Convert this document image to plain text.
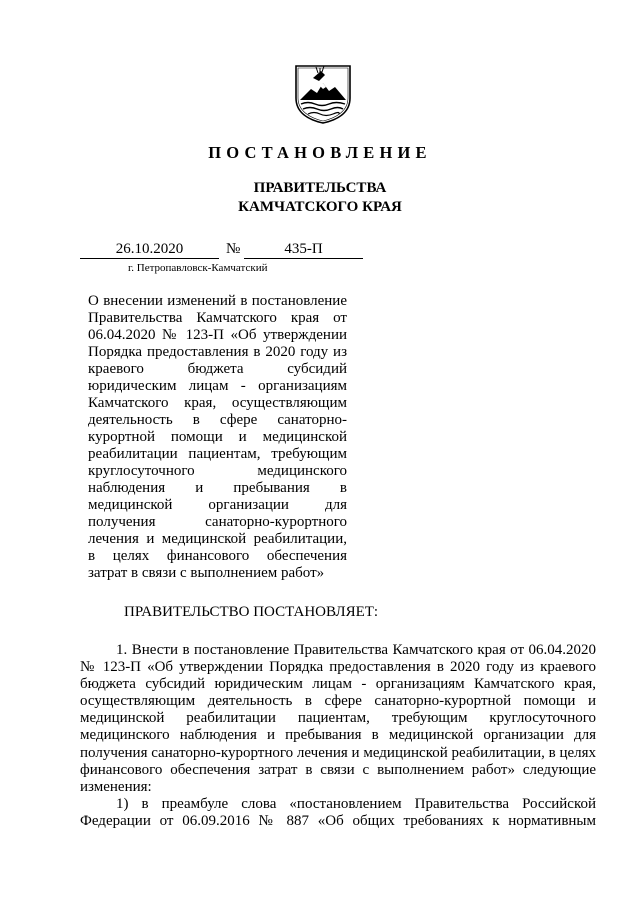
ПОСТАНОВЛЕНИЕ
ПРАВИТЕЛЬСТВА
КАМЧАТСКОГО КРАЯ
26.10.2020	№	435-П
г. Петропавловск-Камчатский
О внесении изменений в постановление
Правительства Камчатского края от
06.04.2020 № 123-П «Об утверждении
Порядка предоставления в 2020 году из
краевого бюджета субсидий
юридическим лицам - организациям
Камчатского края, осуществляющим
деятельность в сфере санаторно-
курортной помощи и медицинской
реабилитации пациентам, требующим
круглосуточного медицинского
наблюдения и пребывания в
медицинской организации для
получения санаторно-курортного
лечения и медицинской реабилитации,
в целях финансового обеспечения
затрат в связи с выполнением работ»
ПРАВИТЕЛЬСТВО ПОСТАНОВЛЯЕТ:
1. Внести в постановление Правительства Камчатского края от 06.04.2020
№ 123-П «Об утверждении Порядка предоставления в 2020 году из краевого
бюджета субсидий юридическим лицам - организациям Камчатского края,
осуществляющим деятельность в сфере санаторно-курортной помощи и
медицинской реабилитации пациентам, требующим круглосуточного
медицинского наблюдения и пребывания в медицинской организации для
получения санаторно-курортного лечения и медицинской реабилитации, в целях
финансового обеспечения затрат в связи с выполнением работ» следующие
изменения:
1) в преамбуле слова «постановлением Правительства Российской
Федерации от 06.09.2016 № 887 «Об общих требованиях к нормативным
